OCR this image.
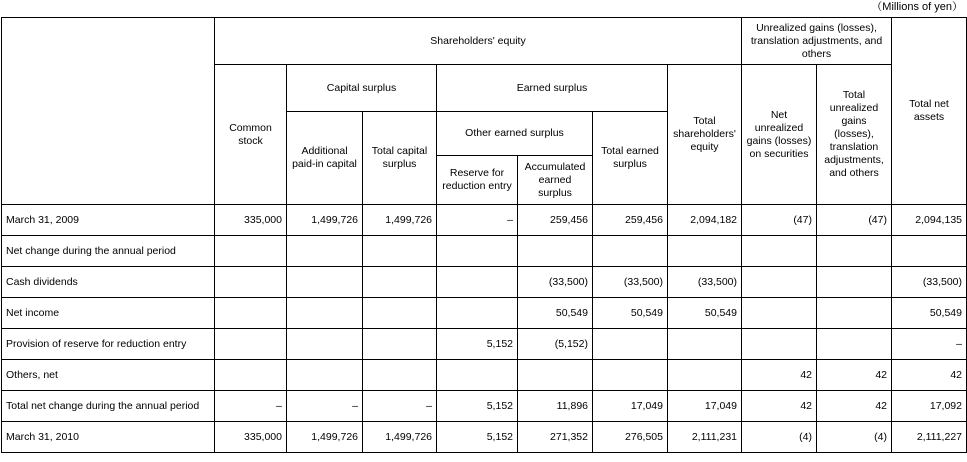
（Millions of yen）
	Shareholders' equity							Unrealized gains (losses), translation adjustments, and others		Total net assets
	Common stock	Capital surplus		Earned surplus			Total shareholders' equity	Net unrealized gains (losses) on securities	Total unrealized gains (losses), translation adjustments, and others	
		Additional paid-in capital	Total capital surplus	Other earned surplus		Total earned surplus				
				Reserve for reduction entry	Accumulated earned surplus					
March 31, 2009	335,000	1,499,726	1,499,726	–	259,456	259,456	2,094,182	(47)	(47)	2,094,135
Net change during the annual period										
Cash dividends					(33,500)	(33,500)	(33,500)			(33,500)
Net income					50,549	50,549	50,549			50,549
Provision of reserve for reduction entry				5,152	(5,152)					–
Others, net								42	42	42
Total net change during the annual period	–	–	–	5,152	11,896	17,049	17,049	42	42	17,092
March 31, 2010	335,000	1,499,726	1,499,726	5,152	271,352	276,505	2,111,231	(4)	(4)	2,111,227
